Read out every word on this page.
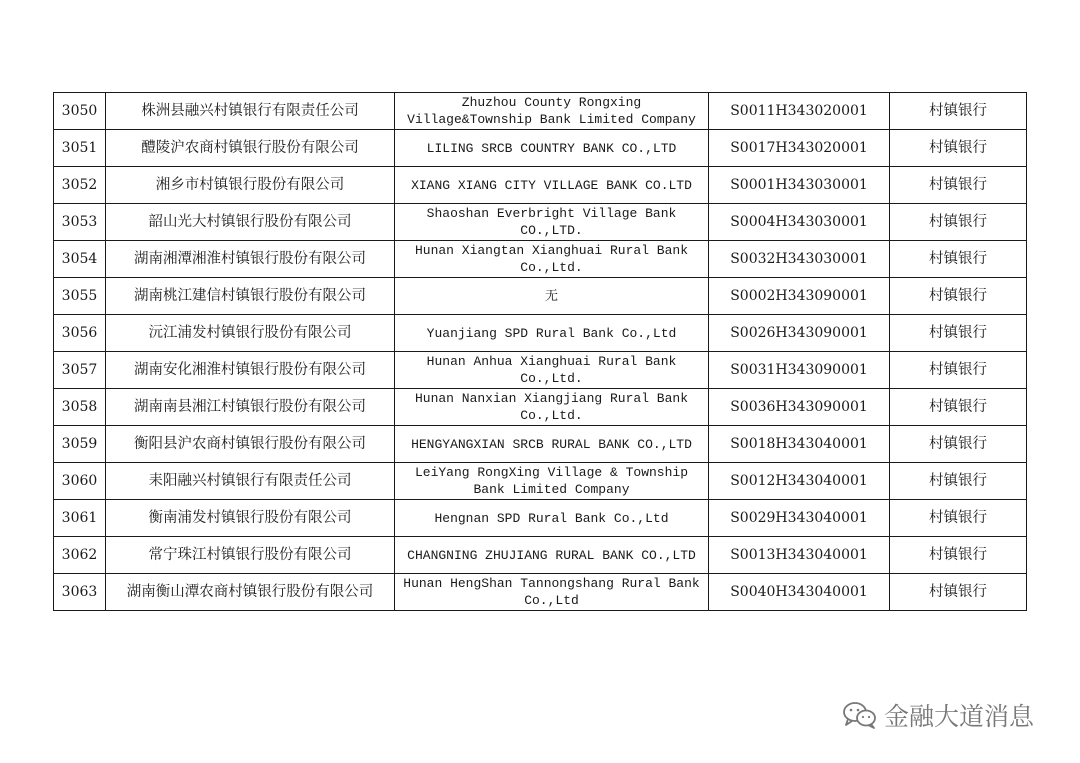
3050	株洲县融兴村镇银行有限责任公司	Zhuzhou County Rongxing Village&Township Bank Limited Company	S0011H343020001	村镇银行
3051	醴陵沪农商村镇银行股份有限公司	LILING SRCB COUNTRY BANK CO.,LTD	S0017H343020001	村镇银行
3052	湘乡市村镇银行股份有限公司	XIANG XIANG CITY VILLAGE BANK CO.LTD	S0001H343030001	村镇银行
3053	韶山光大村镇银行股份有限公司	Shaoshan Everbright Village Bank CO.,LTD.	S0004H343030001	村镇银行
3054	湖南湘潭湘淮村镇银行股份有限公司	Hunan Xiangtan Xianghuai Rural Bank Co.,Ltd.	S0032H343030001	村镇银行
3055	湖南桃江建信村镇银行股份有限公司	无	S0002H343090001	村镇银行
3056	沅江浦发村镇银行股份有限公司	Yuanjiang SPD Rural Bank Co.,Ltd	S0026H343090001	村镇银行
3057	湖南安化湘淮村镇银行股份有限公司	Hunan Anhua Xianghuai Rural Bank Co.,Ltd.	S0031H343090001	村镇银行
3058	湖南南县湘江村镇银行股份有限公司	Hunan Nanxian Xiangjiang Rural Bank Co.,Ltd.	S0036H343090001	村镇银行
3059	衡阳县沪农商村镇银行股份有限公司	HENGYANGXIAN SRCB RURAL BANK CO.,LTD	S0018H343040001	村镇银行
3060	耒阳融兴村镇银行有限责任公司	LeiYang RongXing Village & Township Bank Limited Company	S0012H343040001	村镇银行
3061	衡南浦发村镇银行股份有限公司	Hengnan SPD Rural Bank Co.,Ltd	S0029H343040001	村镇银行
3062	常宁珠江村镇银行股份有限公司	CHANGNING ZHUJIANG RURAL BANK CO.,LTD	S0013H343040001	村镇银行
3063	湖南衡山潭农商村镇银行股份有限公司	Hunan HengShan Tannongshang Rural Bank Co.,Ltd	S0040H343040001	村镇银行
金融大道消息
